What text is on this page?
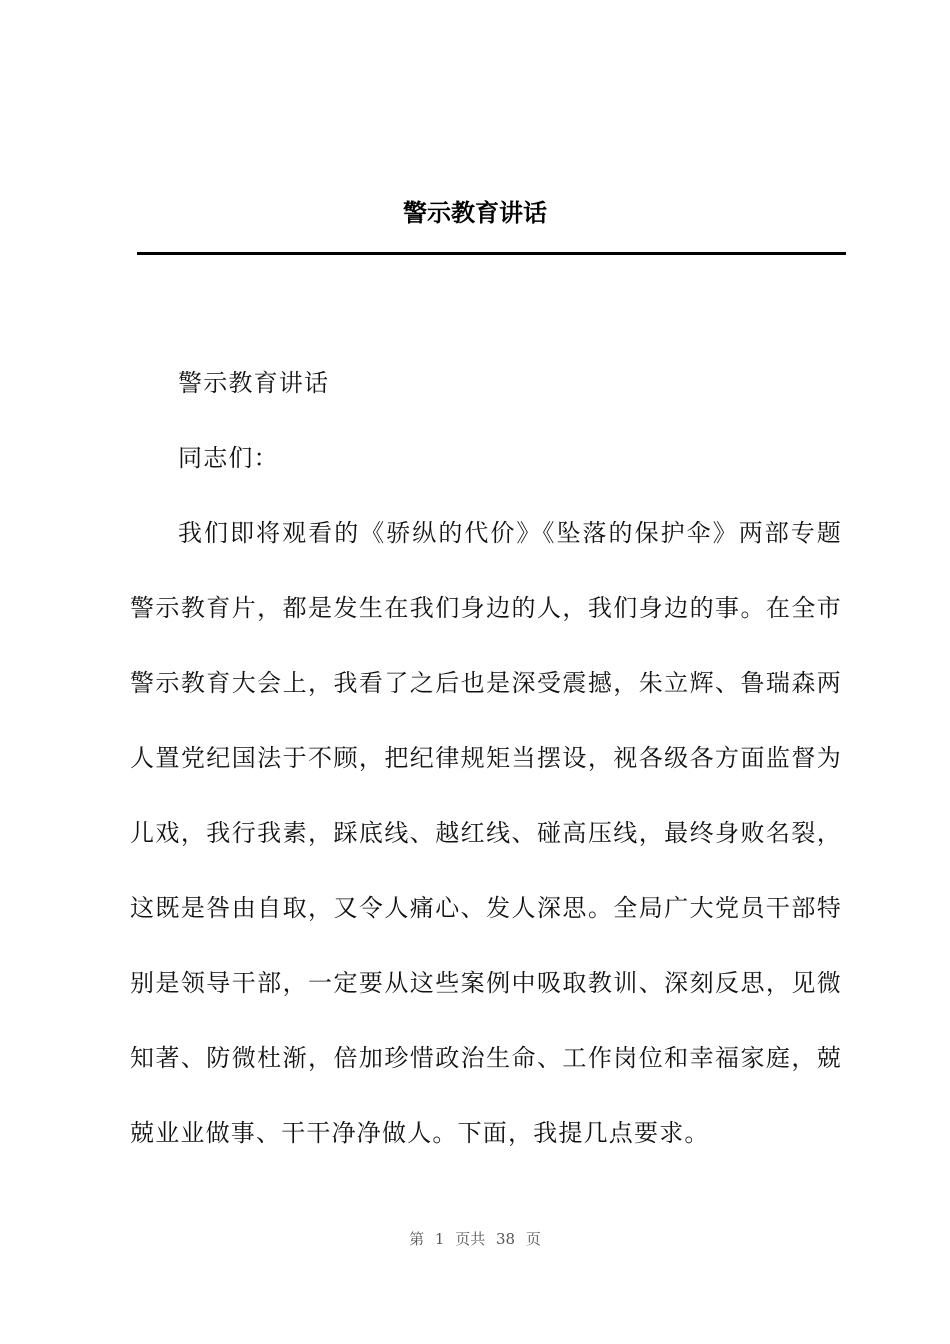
警示教育讲话

警示教育讲话

同志们：

我们即将观看的《骄纵的代价》《坠落的保护伞》两部专题警示教育片，都是发生在我们身边的人，我们身边的事。在全市警示教育大会上，我看了之后也是深受震撼，朱立辉、鲁瑞森两人置党纪国法于不顾，把纪律规矩当摆设，视各级各方面监督为儿戏，我行我素，踩底线、越红线、碰高压线，最终身败名裂，这既是咎由自取，又令人痛心、发人深思。全局广大党员干部特别是领导干部，一定要从这些案例中吸取教训、深刻反思，见微知著、防微杜渐，倍加珍惜政治生命、工作岗位和幸福家庭，兢兢业业做事、干干净净做人。下面，我提几点要求。

第 1 页共 38 页
